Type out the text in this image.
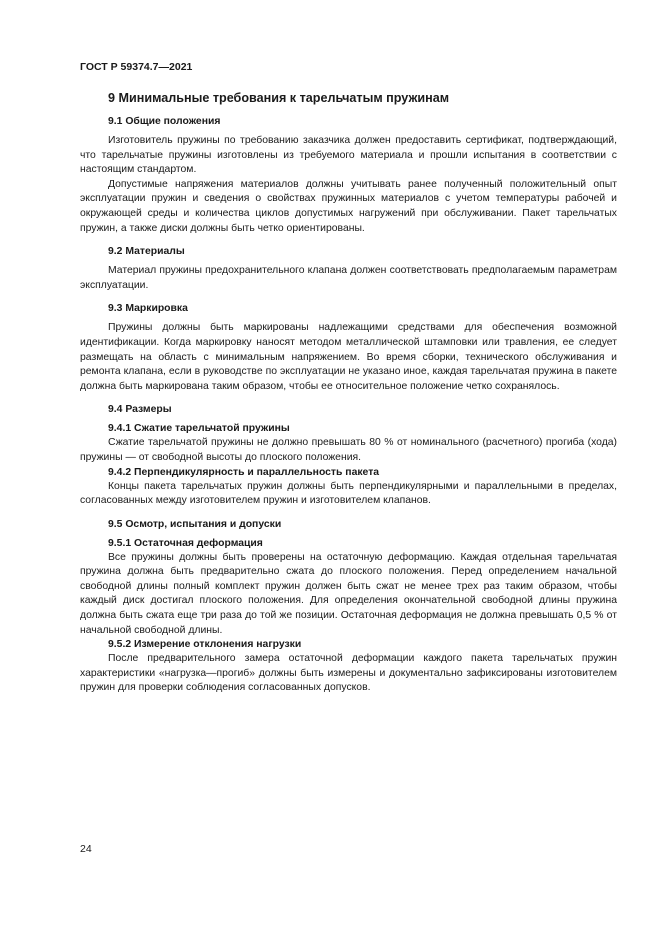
ГОСТ Р 59374.7—2021
9 Минимальные требования к тарельчатым пружинам
9.1 Общие положения

Изготовитель пружины по требованию заказчика должен предоставить сертификат, подтверждающий, что тарельчатые пружины изготовлены из требуемого материала и прошли испытания в соответствии с настоящим стандартом.

Допустимые напряжения материалов должны учитывать ранее полученный положительный опыт эксплуатации пружин и сведения о свойствах пружинных материалов с учетом температуры рабочей и окружающей среды и количества циклов допустимых нагружений при обслуживании. Пакет тарельчатых пружин, а также диски должны быть четко ориентированы.

9.2 Материалы

Материал пружины предохранительного клапана должен соответствовать предполагаемым параметрам эксплуатации.

9.3 Маркировка

Пружины должны быть маркированы надлежащими средствами для обеспечения возможной идентификации. Когда маркировку наносят методом металлической штамповки или травления, ее следует размещать на область с минимальным напряжением. Во время сборки, технического обслуживания и ремонта клапана, если в руководстве по эксплуатации не указано иное, каждая тарельчатая пружина в пакете должна быть маркирована таким образом, чтобы ее относительное положение четко сохранялось.

9.4 Размеры
9.4.1 Сжатие тарельчатой пружины

Сжатие тарельчатой пружины не должно превышать 80 % от номинального (расчетного) прогиба (хода) пружины — от свободной высоты до плоского положения.

9.4.2 Перпендикулярность и параллельность пакета

Концы пакета тарельчатых пружин должны быть перпендикулярными и параллельными в пределах, согласованных между изготовителем пружин и изготовителем клапанов.

9.5 Осмотр, испытания и допуски
9.5.1 Остаточная деформация

Все пружины должны быть проверены на остаточную деформацию. Каждая отдельная тарельчатая пружина должна быть предварительно сжата до плоского положения. Перед определением начальной свободной длины полный комплект пружин должен быть сжат не менее трех раз таким образом, чтобы каждый диск достигал плоского положения. Для определения окончательной свободной длины пружина должна быть сжата еще три раза до той же позиции. Остаточная деформация не должна превышать 0,5 % от начальной свободной длины.

9.5.2 Измерение отклонения нагрузки

После предварительного замера остаточной деформации каждого пакета тарельчатых пружин характеристики «нагрузка—прогиб» должны быть измерены и документально зафиксированы изготовителем пружин для проверки соблюдения согласованных допусков.

24
